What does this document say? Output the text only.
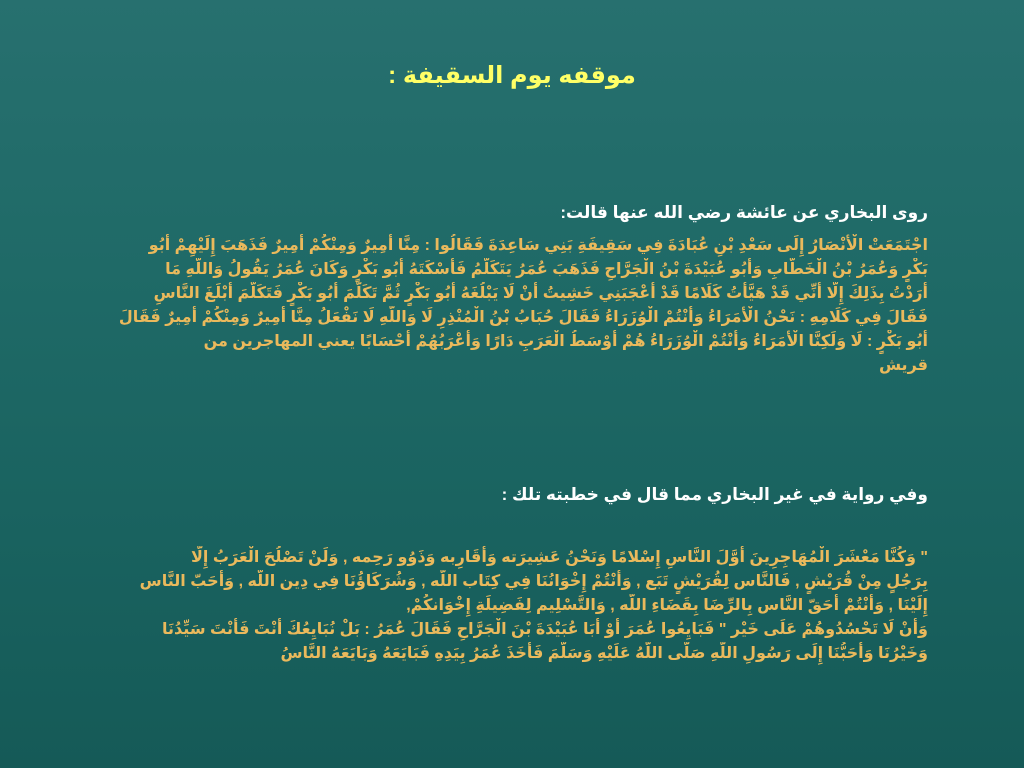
موقفه يوم السقيفة :
روى البخاري عن عائشة رضي الله عنها قالت:
اجْتَمَعَتْ الْأَنْصَارُ إِلَى سَعْدِ بْنِ عُبَادَةَ فِي سَقِيفَةِ بَنِي سَاعِدَةَ فَقَالُوا : مِنَّا أَمِيرٌ وَمِنْكُمْ أَمِيرٌ فَذَهَبَ إِلَيْهِمْ أَبُو
بَكْرٍ وَعُمَرُ بْنُ الْخَطَّابِ وَأَبُو عُبَيْدَةَ بْنُ الْجَرَّاحِ فَذَهَبَ عُمَرُ يَتَكَلَّمُ فَأَسْكَتَهُ أَبُو بَكْرٍ وَكَانَ عُمَرُ يَقُولُ وَاللَّهِ مَا
أَرَدْتُ بِذَلِكَ إِلَّا أَنِّي قَدْ هَيَّأْتُ كَلَامًا قَدْ أَعْجَبَنِي خَشِيتُ أَنْ لَا يَبْلُغَهُ أَبُو بَكْرٍ ثُمَّ تَكَلَّمَ أَبُو بَكْرٍ فَتَكَلَّمَ أَبْلَغَ النَّاسِ
فَقَالَ فِي كَلَامِهِ : نَحْنُ الْأُمَرَاءُ وَأَنْتُمْ الْوُزَرَاءُ فَقَالَ حُبَابُ بْنُ الْمُنْذِرِ لَا وَاللَّهِ لَا نَفْعَلُ مِنَّا أَمِيرٌ وَمِنْكُمْ أَمِيرٌ فَقَالَ
أَبُو بَكْرٍ : لَا وَلَكِنَّا الْأُمَرَاءُ وَأَنْتُمْ الْوُزَرَاءُ هُمْ أَوْسَطُ الْعَرَبِ دَارًا وَأَعْرَبُهُمْ أَحْسَابًا يعني المهاجرين من
قريش
وفي رواية في غير البخاري مما قال في خطبته تلك :
" وَكُنَّا مَعْشَرَ الْمُهَاجِرِينَ أَوَّلَ النَّاسِ إِسْلامًا وَنَحْنُ عَشِيرَته وَأَقَارِبه وَذَوُو رَحِمه , وَلَنْ تَصْلُحَ الْعَرَبُ إِلَّا
بِرَجُلٍ مِنْ قُرَيْشٍ , فَالنَّاس لِقُرَيْشٍ تَبَع , وَأَنْتُمْ إِخْوَانُنَا فِي كِتَاب اللَّه , وَشُرَكَاؤُنَا فِي دِين اللَّه , وَأَحَبّ النَّاس
إِلَيْنَا , وَأَنْتُمْ أَحَقّ النَّاس بِالرِّضَا بِقَضَاءِ اللَّه , وَالتَّسْلِيم لِفَضِيلَةِ إِخْوَانكُمْ,
وَأَنْ لَا تَحْسُدُوهُمْ عَلَى خَيْر " فَبَايِعُوا عُمَرَ أَوْ أَبَا عُبَيْدَةَ بْنَ الْجَرَّاحِ فَقَالَ عُمَرُ : بَلْ نُبَايِعُكَ أَنْتَ فَأَنْتَ سَيِّدُنَا
وَخَيْرُنَا وَأَحَبُّنَا إِلَى رَسُولِ اللَّهِ صَلَّى اللَّهُ عَلَيْهِ وَسَلَّمَ فَأَخَذَ عُمَرُ بِيَدِهِ فَبَايَعَهُ وَبَايَعَهُ النَّاسُ
